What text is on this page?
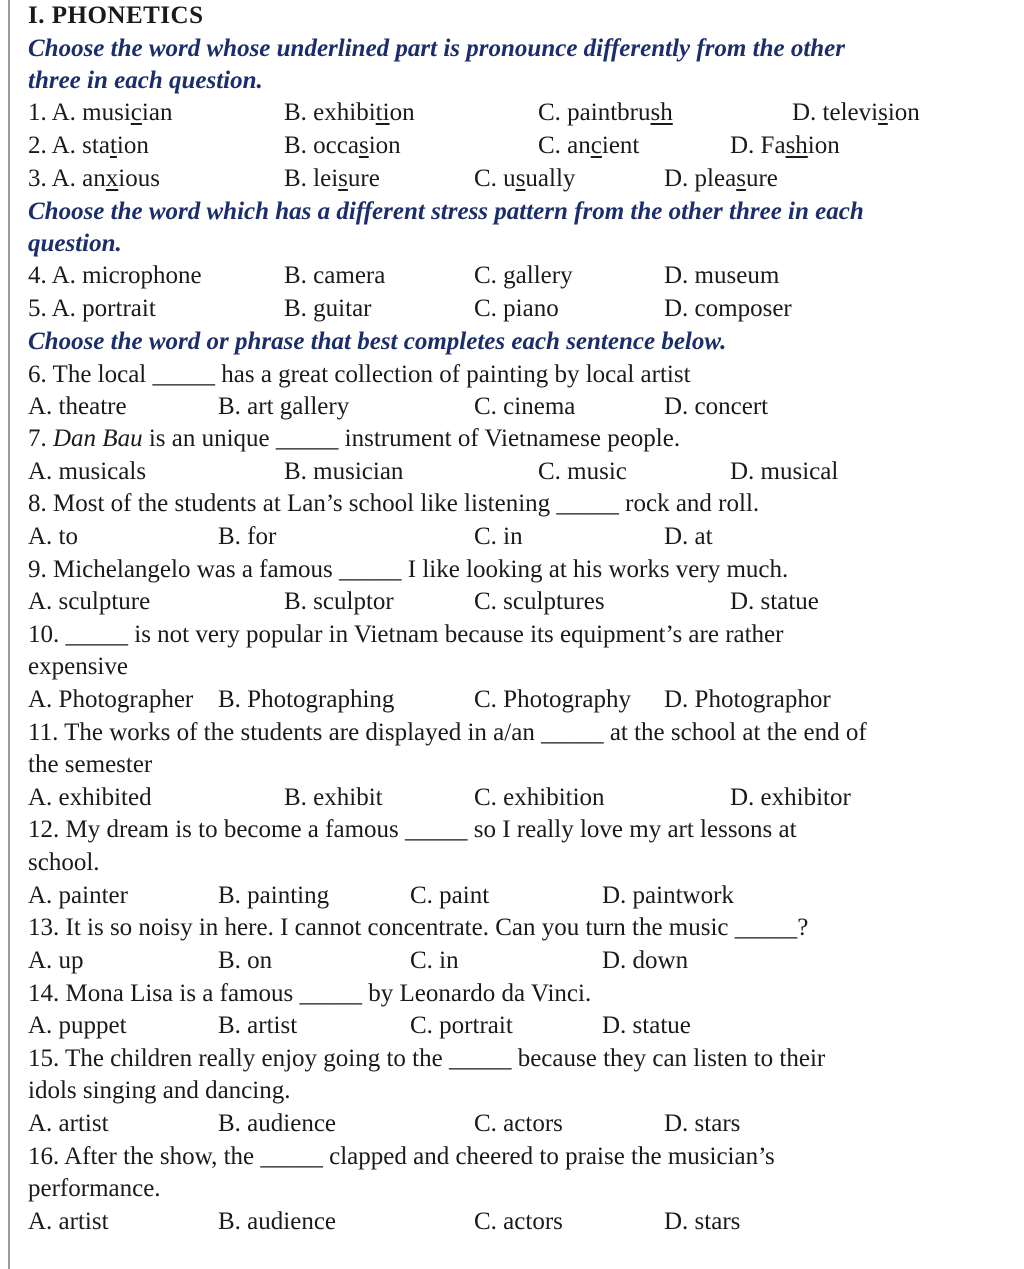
I. PHONETICS
Choose the word whose underlined part is pronounce differently from the other
three in each question.
1. A. musician	B. exhibition	C. paintbrush	D. television
2. A. station	B. occasion	C. ancient	D. Fashion
3. A. anxious	B. leisure	C. usually	D. pleasure
Choose the word which has a different stress pattern from the other three in each
question.
4. A. microphone	B. camera	C. gallery	D. museum
5. A. portrait	B. guitar	C. piano	D. composer
Choose the word or phrase that best completes each sentence below.
6. The local _____ has a great collection of painting by local artist
A. theatre	B. art gallery	C. cinema	D. concert
7. Dan Bau is an unique _____ instrument of Vietnamese people.
A. musicals	B. musician	C. music	D. musical
8. Most of the students at Lan’s school like listening _____ rock and roll.
A. to	B. for	C. in	D. at
9. Michelangelo was a famous _____ I like looking at his works very much.
A. sculpture	B. sculptor	C. sculptures	D. statue
10. _____ is not very popular in Vietnam because its equipment’s are rather
expensive
A. Photographer B. Photographing	C. Photography D. Photographor
11. The works of the students are displayed in a/an _____ at the school at the end of
the semester
A. exhibited	B. exhibit	C. exhibition	D. exhibitor
12. My dream is to become a famous _____ so I really love my art lessons at
school.
A. painter	B. painting	C. paint	D. paintwork
13. It is so noisy in here. I cannot concentrate. Can you turn the music _____?
A. up	B. on	C. in	D. down
14. Mona Lisa is a famous _____ by Leonardo da Vinci.
A. puppet	B. artist	C. portrait	D. statue
15. The children really enjoy going to the _____ because they can listen to their
idols singing and dancing.
A. artist	B. audience	C. actors	D. stars
16. After the show, the _____ clapped and cheered to praise the musician’s
performance.
A. artist	B. audience	C. actors	D. stars
